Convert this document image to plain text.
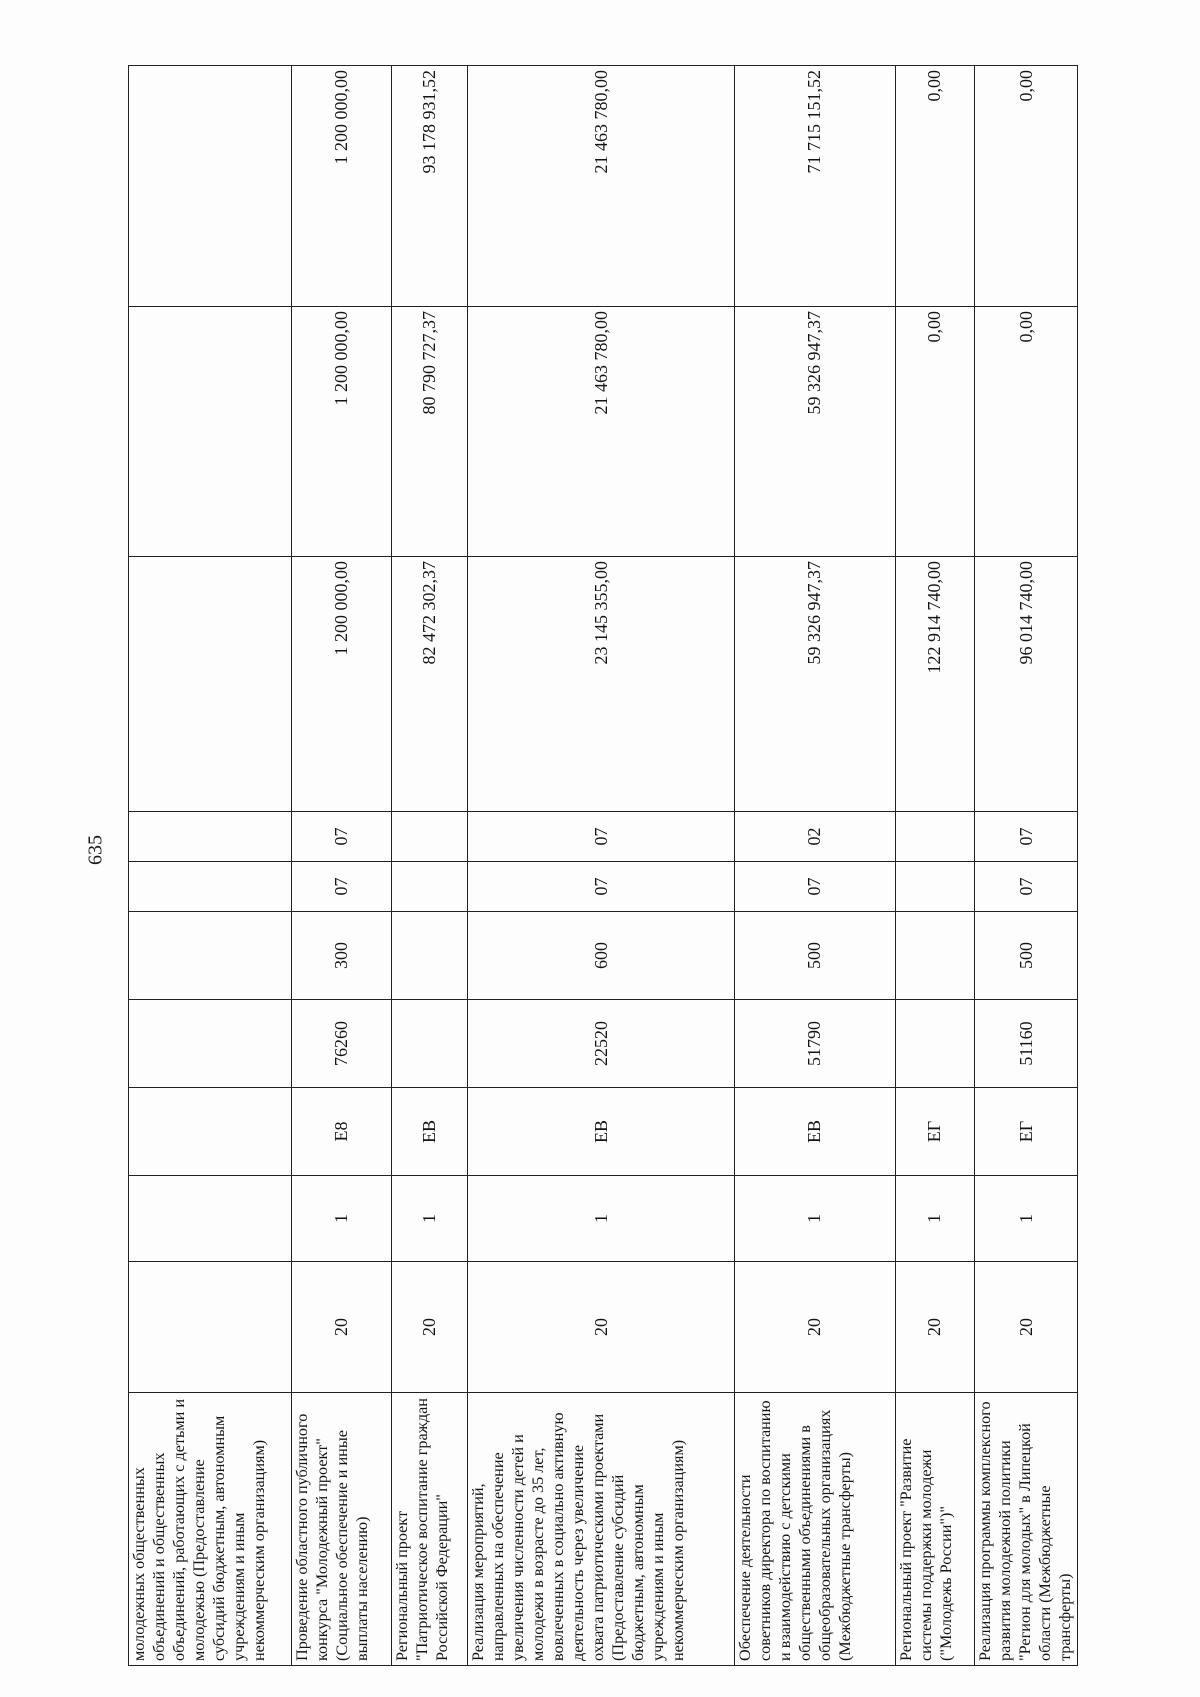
635
молодежных общественных объединений и общественных объединений, работающих с детьми и молодежью (Предоставление субсидий бюджетным, автономным учреждениям и иным некоммерческим организациям)										
Проведение областного публичного конкурса "Молодежный проект" (Социальное обеспечение и иные выплаты населению)	20	1	Е8	76260	300	07	07	1 200 000,00	1 200 000,00	1 200 000,00
Региональный проект "Патриотическое воспитание граждан Российской Федерации"	20	1	ЕВ					82 472 302,37	80 790 727,37	93 178 931,52
Реализация мероприятий, направленных на обеспечение увеличения численности детей и молодежи в возрасте до 35 лет, вовлеченных в социально активную деятельность через увеличение охвата патриотическими проектами (Предоставление субсидий бюджетным, автономным учреждениям и иным некоммерческим организациям)	20	1	ЕВ	22520	600	07	07	23 145 355,00	21 463 780,00	21 463 780,00
Обеспечение деятельности советников директора по воспитанию и взаимодействию с детскими общественными объединениями в общеобразовательных организациях (Межбюджетные трансферты)	20	1	ЕВ	51790	500	07	02	59 326 947,37	59 326 947,37	71 715 151,52
Региональный проект "Развитие системы поддержки молодежи ("Молодежь России")"	20	1	ЕГ					122 914 740,00	0,00	0,00
Реализация программы комплексного развития молодежной политики "Регион для молодых" в Липецкой области (Межбюджетные трансферты)	20	1	ЕГ	51160	500	07	07	96 014 740,00	0,00	0,00
